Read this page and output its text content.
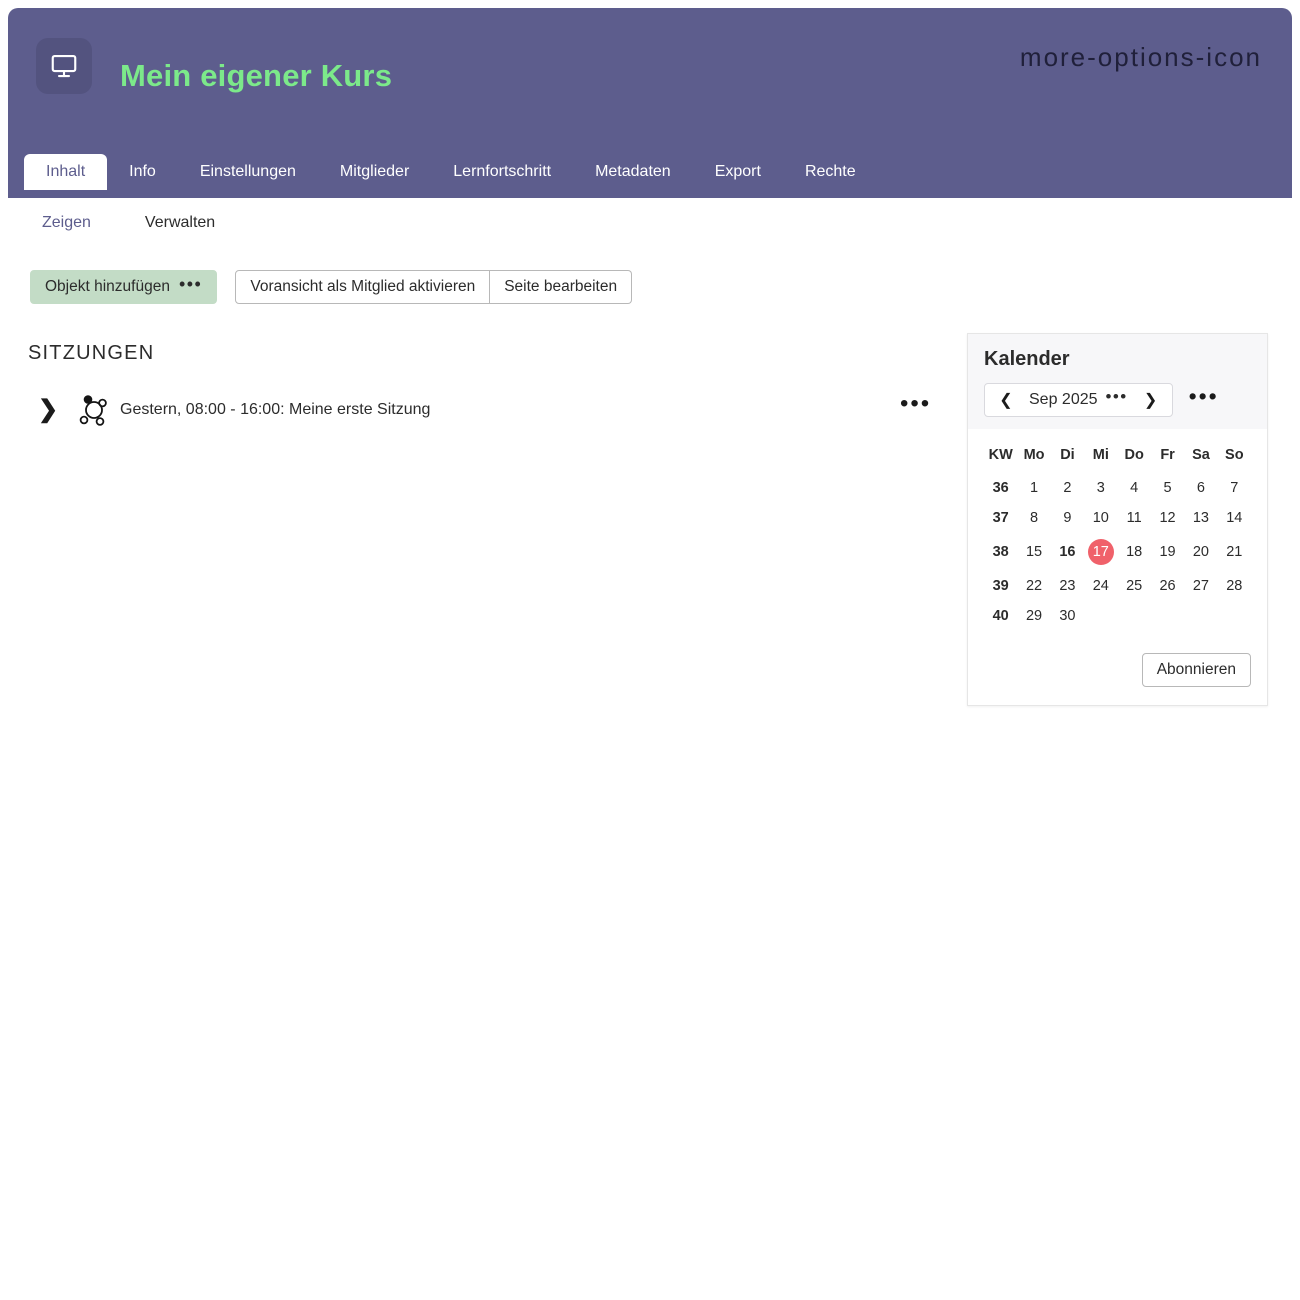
Mein eigener Kurs
more-options-icon
Inhalt	Info	Einstellungen	Mitglieder	Lernfortschritt	Metadaten	Export	Rechte
Zeigen	Verwalten
Objekt hinzufügen •••	Voransicht als Mitglied aktivieren	Seite bearbeiten
SITZUNGEN
❯	Gestern, 08:00 - 16:00: Meine erste Sitzung	•••
Kalender
❮	Sep 2025 •••	❯	•••
KW	Mo	Di	Mi	Do	Fr	Sa	So
36	1	2	3	4	5	6	7
37	8	9	10	11	12	13	14
38	15	16	17	18	19	20	21
39	22	23	24	25	26	27	28
40	29	30					
Abonnieren
